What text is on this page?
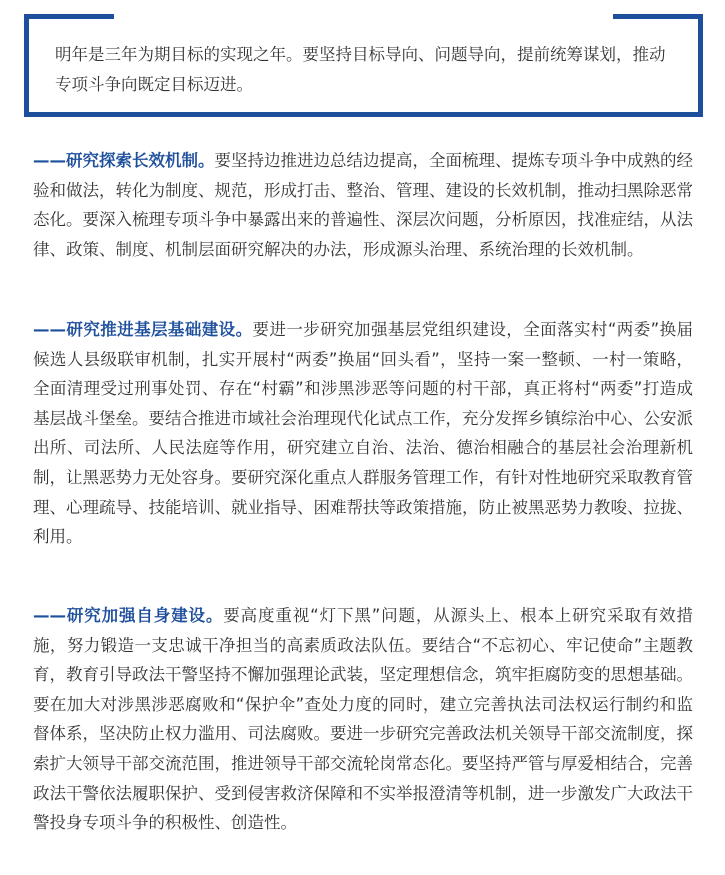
明年是三年为期目标的实现之年。要坚持目标导向、问题导向，提前统筹谋划，推动专项斗争向既定目标迈进。

——研究探索长效机制。要坚持边推进边总结边提高，全面梳理、提炼专项斗争中成熟的经验和做法，转化为制度、规范，形成打击、整治、管理、建设的长效机制，推动扫黑除恶常态化。要深入梳理专项斗争中暴露出来的普遍性、深层次问题，分析原因，找准症结，从法律、政策、制度、机制层面研究解决的办法，形成源头治理、系统治理的长效机制。

——研究推进基层基础建设。要进一步研究加强基层党组织建设，全面落实村“两委”换届候选人县级联审机制，扎实开展村“两委”换届“回头看”，坚持一案一整顿、一村一策略，全面清理受过刑事处罚、存在“村霸”和涉黑涉恶等问题的村干部，真正将村“两委”打造成基层战斗堡垒。要结合推进市域社会治理现代化试点工作，充分发挥乡镇综治中心、公安派出所、司法所、人民法庭等作用，研究建立自治、法治、德治相融合的基层社会治理新机制，让黑恶势力无处容身。要研究深化重点人群服务管理工作，有针对性地研究采取教育管理、心理疏导、技能培训、就业指导、困难帮扶等政策措施，防止被黑恶势力教唆、拉拢、利用。

——研究加强自身建设。要高度重视“灯下黑”问题，从源头上、根本上研究采取有效措施，努力锻造一支忠诚干净担当的高素质政法队伍。要结合“不忘初心、牢记使命”主题教育，教育引导政法干警坚持不懈加强理论武装，坚定理想信念，筑牢拒腐防变的思想基础。要在加大对涉黑涉恶腐败和“保护伞”查处力度的同时，建立完善执法司法权运行制约和监督体系，坚决防止权力滥用、司法腐败。要进一步研究完善政法机关领导干部交流制度，探索扩大领导干部交流范围，推进领导干部交流轮岗常态化。要坚持严管与厚爱相结合，完善政法干警依法履职保护、受到侵害救济保障和不实举报澄清等机制，进一步激发广大政法干警投身专项斗争的积极性、创造性。
